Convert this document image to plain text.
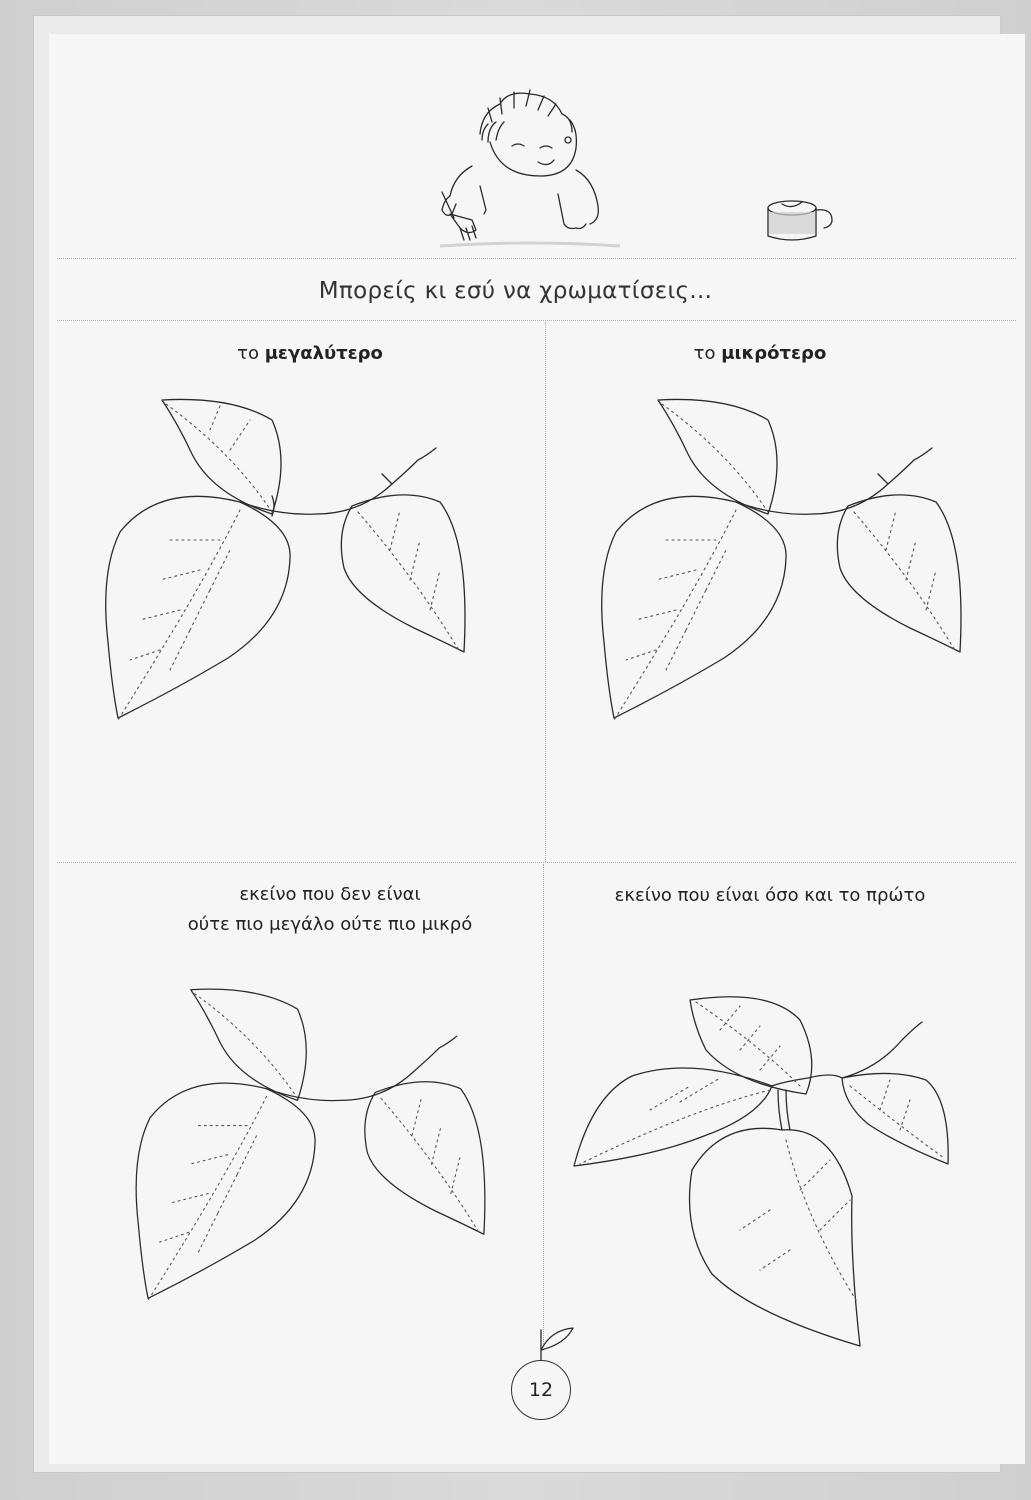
Μπορείς κι εσύ να χρωματίσεις...
το μεγαλύτερο	το μικρότερο
εκείνο που δεν είναι
ούτε πιο μεγάλο ούτε πιο μικρό
εκείνο που είναι όσο και το πρώτο
12
